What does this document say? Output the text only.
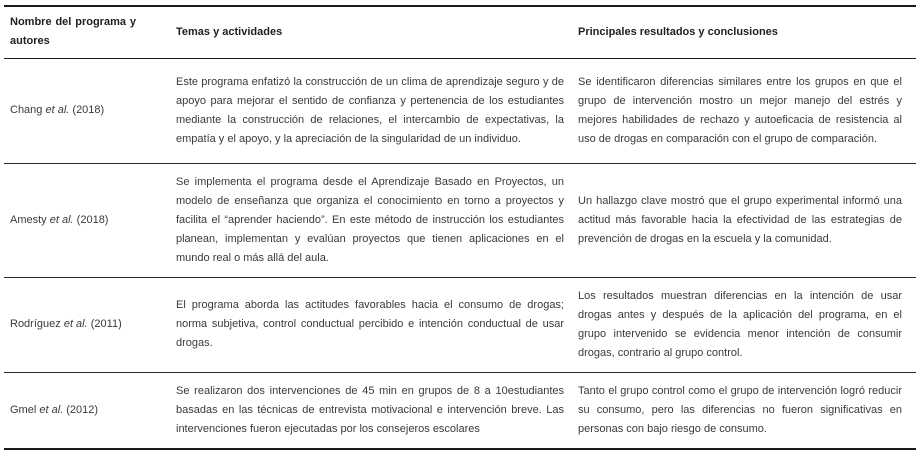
Nombre del programa y autores	Temas y actividades	Principales resultados y conclusiones
Chang et al. (2018)	Este programa enfatizó la construcción de un clima de aprendizaje seguro y de apoyo para mejorar el sentido de confianza y pertenencia de los estudiantes mediante la construcción de relaciones, el intercambio de expectativas, la empatía y el apoyo, y la apreciación de la singularidad de un individuo.	Se identificaron diferencias similares entre los grupos en que el grupo de intervención mostro un mejor manejo del estrés y mejores habilidades de rechazo y autoeficacia de resistencia al uso de drogas en comparación con el grupo de comparación.
Amesty et al. (2018)	Se implementa el programa desde el Aprendizaje Basado en Proyectos, un modelo de enseñanza que organiza el conocimiento en torno a proyectos y facilita el “aprender haciendo”. En este método de instrucción los estudiantes planean, implementan y evalúan proyectos que tienen aplicaciones en el mundo real o más allá del aula.	Un hallazgo clave mostró que el grupo experimental informó una actitud más favorable hacia la efectividad de las estrategias de prevención de drogas en la escuela y la comunidad.
Rodríguez et al. (2011)	El programa aborda las actitudes favorables hacia el consumo de drogas; norma subjetiva, control conductual percibido e intención conductual de usar drogas.	Los resultados muestran diferencias en la intención de usar drogas antes y después de la aplicación del programa, en el grupo intervenido se evidencia menor intención de consumir drogas, contrario al grupo control.
Gmel et al. (2012)	Se realizaron dos intervenciones de 45 min en grupos de 8 a 10estudiantes basadas en las técnicas de entrevista motivacional e intervención breve. Las intervenciones fueron ejecutadas por los consejeros escolares	Tanto el grupo control como el grupo de intervención logró reducir su consumo, pero las diferencias no fueron significativas en personas con bajo riesgo de consumo.
